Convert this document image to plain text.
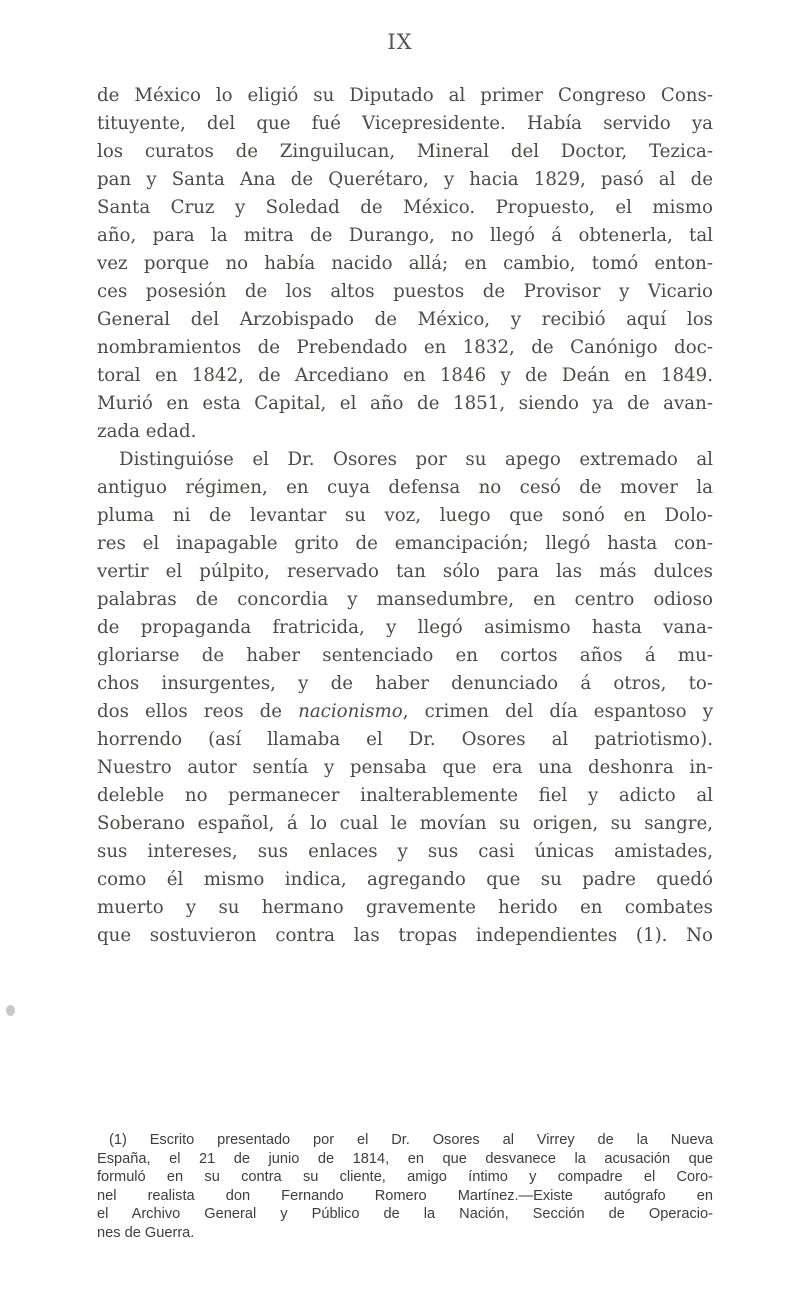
IX
de México lo eligió su Diputado al primer Congreso Cons-
tituyente, del que fué Vicepresidente. Había servido ya
los curatos de Zinguilucan, Mineral del Doctor, Tezica-
pan y Santa Ana de Querétaro, y hacia 1829, pasó al de
Santa Cruz y Soledad de México. Propuesto, el mismo
año, para la mitra de Durango, no llegó á obtenerla, tal
vez porque no había nacido allá; en cambio, tomó enton-
ces posesión de los altos puestos de Provisor y Vicario
General del Arzobispado de México, y recibió aquí los
nombramientos de Prebendado en 1832, de Canónigo doc-
toral en 1842, de Arcediano en 1846 y de Deán en 1849.
Murió en esta Capital, el año de 1851, siendo ya de avan-
zada edad.
Distinguióse el Dr. Osores por su apego extremado al
antiguo régimen, en cuya defensa no cesó de mover la
pluma ni de levantar su voz, luego que sonó en Dolo-
res el inapagable grito de emancipación; llegó hasta con-
vertir el púlpito, reservado tan sólo para las más dulces
palabras de concordia y mansedumbre, en centro odioso
de propaganda fratricida, y llegó asimismo hasta vana-
gloriarse de haber sentenciado en cortos años á mu-
chos insurgentes, y de haber denunciado á otros, to-
dos ellos reos de nacionismo, crimen del día espantoso y
horrendo (así llamaba el Dr. Osores al patriotismo).
Nuestro autor sentía y pensaba que era una deshonra in-
deleble no permanecer inalterablemente fiel y adicto al
Soberano español, á lo cual le movían su origen, su sangre,
sus intereses, sus enlaces y sus casi únicas amistades,
como él mismo indica, agregando que su padre quedó
muerto y su hermano gravemente herido en combates
que sostuvieron contra las tropas independientes (1). No
(1) Escrito presentado por el Dr. Osores al Virrey de la Nueva
España, el 21 de junio de 1814, en que desvanece la acusación que
formuló en su contra su cliente, amigo íntimo y compadre el Coro-
nel realista don Fernando Romero Martínez.—Existe autógrafo en
el Archivo General y Público de la Nación, Sección de Operacio-
nes de Guerra.
